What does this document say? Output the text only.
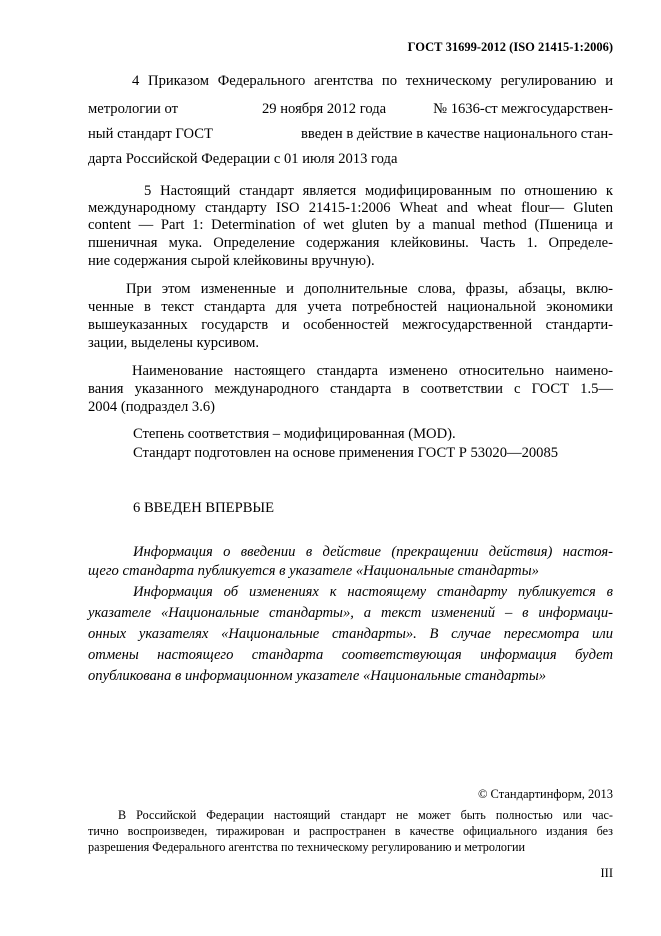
ГОСТ 31699-2012 (ISO 21415-1:2006)
4 Приказом Федерального агентства по техническому регулированию и
метрологии от	29 ноября 2012 года	№ 1636-ст межгосударствен-
ный стандарт ГОСТ	введен в действие в качестве национального стан-
дарта Российской Федерации с 01 июля 2013 года
5 Настоящий стандарт является модифицированным по отношению к
международному стандарту ISO 21415-1:2006 Wheat and wheat flour— Gluten
content — Part 1: Determination of wet gluten by a manual method (Пшеница и
пшеничная мука. Определение содержания клейковины. Часть 1. Определе-
ние содержания сырой клейковины вручную).
При этом измененные и дополнительные слова, фразы, абзацы, вклю-
ченные в текст стандарта для учета потребностей национальной экономики
вышеуказанных государств и особенностей межгосударственной стандарти-
зации, выделены курсивом.
Наименование настоящего стандарта изменено относительно наимено-
вания указанного международного стандарта в соответствии с ГОСТ 1.5—
2004 (подраздел 3.6)
Степень соответствия – модифицированная (MOD).
Стандарт подготовлен на основе применения ГОСТ Р 53020—20085
6 ВВЕДЕН ВПЕРВЫЕ
Информация о введении в действие (прекращении действия) настоя-
щего стандарта публикуется в указателе «Национальные стандарты»
Информация об изменениях к настоящему стандарту публикуется в
указателе «Национальные стандарты», а текст изменений – в информаци-
онных указателях «Национальные стандарты». В случае пересмотра или
отмены настоящего стандарта соответствующая информация будет
опубликована в информационном указателе «Национальные стандарты»
© Стандартинформ, 2013
В Российской Федерации настоящий стандарт не может быть полностью или час-
тично воспроизведен, тиражирован и распространен в качестве официального издания без
разрешения Федерального агентства по техническому регулированию и метрологии
III
